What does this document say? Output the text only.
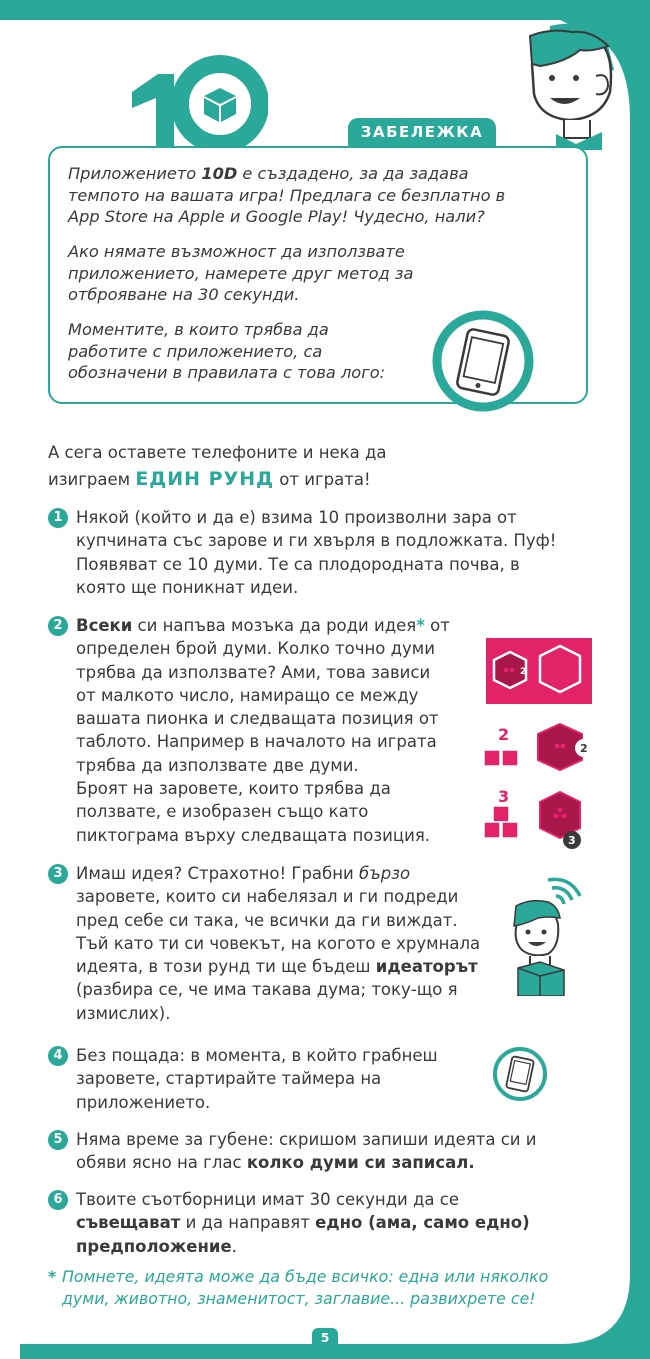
ЗАБЕЛЕЖКА

Приложението 10D е създадено, за да задава
темпото на вашата игра! Предлага се безплатно в
App Store на Apple и Google Play! Чудесно, нали?

Ако нямате възможност да използвате
приложението, намерете друг метод за
отброяване на 30 секунди.

Моментите, в които трябва да
работите с приложението, са
обозначени в правилата с това лого:

А сега оставете телефоните и нека да
изиграем ЕДИН РУНД от играта!

1 Някой (който и да е) взима 10 произволни зара от
купчината със зарове и ги хвърля в подложката. Пуф!
Появяват се 10 думи. Те са плодородната почва, в
която ще поникнат идеи.

2 Всеки си напъва мозъка да роди идея* от
определен брой думи. Колко точно думи
трябва да използвате? Ами, това зависи
от малкото число, намиращо се между
вашата пионка и следващата позиция от
таблото. Например в началото на играта
трябва да използвате две думи.
Броят на заровете, които трябва да
ползвате, е изобразен също като
пиктограма върху следващата позиция.

2
2
2
3
3
3 Имаш идея? Страхотно! Грабни бързо
заровете, които си набелязал и ги подреди
пред себе си така, че всички да ги виждат.
Тъй като ти си човекът, на когото е хрумнала
идеята, в този рунд ти ще бъдеш идеаторът
(разбира се, че има такава дума; току-що я
измислих).

4 Без пощада: в момента, в който грабнеш
заровете, стартирайте таймера на
приложението.

5 Няма време за губене: скришом запиши идеята си и
обяви ясно на глас колко думи си записал.

6 Твоите съотборници имат 30 секунди да се
съвещават и да направят едно (ама, само едно)
предположение.

* Помнете, идеята може да бъде всичко: една или няколко
думи, животно, знаменитост, заглавие... развихрете се!
5
